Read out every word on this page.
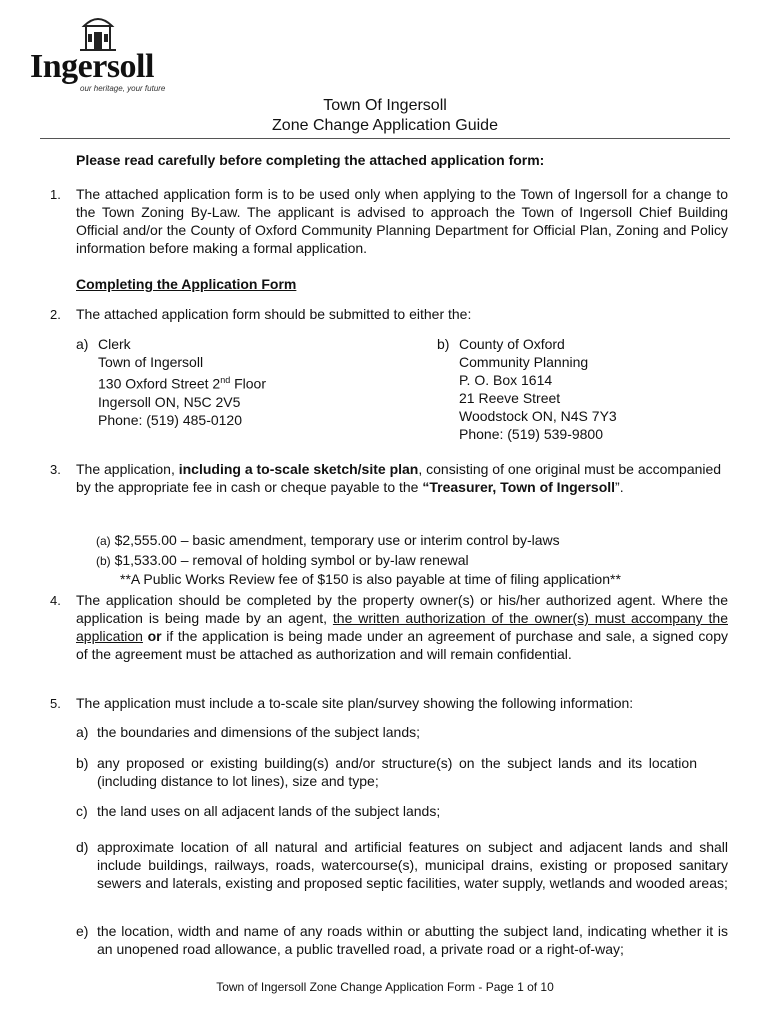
Ingersoll
our heritage, your future
Town Of Ingersoll
Zone Change Application Guide
Please read carefully before completing the attached application form:
1. The attached application form is to be used only when applying to the Town of Ingersoll for a change to the Town Zoning By-Law. The applicant is advised to approach the Town of Ingersoll Chief Building Official and/or the County of Oxford Community Planning Department for Official Plan, Zoning and Policy information before making a formal application.
Completing the Application Form
2. The attached application form should be submitted to either the:
a) Clerk
Town of Ingersoll
130 Oxford Street 2nd Floor
Ingersoll ON, N5C 2V5
Phone: (519) 485-0120
b) County of Oxford
Community Planning
P. O. Box 1614
21 Reeve Street
Woodstock ON, N4S 7Y3
Phone: (519) 539-9800
3. The application, including a to-scale sketch/site plan, consisting of one original must be accompanied by the appropriate fee in cash or cheque payable to the “Treasurer, Town of Ingersoll”.
(a) $2,555.00 – basic amendment, temporary use or interim control by-laws
(b) $1,533.00 – removal of holding symbol or by-law renewal
**A Public Works Review fee of $150 is also payable at time of filing application**
4. The application should be completed by the property owner(s) or his/her authorized agent. Where the application is being made by an agent, the written authorization of the owner(s) must accompany the application or if the application is being made under an agreement of purchase and sale, a signed copy of the agreement must be attached as authorization and will remain confidential.
5. The application must include a to-scale site plan/survey showing the following information:
a) the boundaries and dimensions of the subject lands;
b) any proposed or existing building(s) and/or structure(s) on the subject lands and its location (including distance to lot lines), size and type;
c) the land uses on all adjacent lands of the subject lands;
d) approximate location of all natural and artificial features on subject and adjacent lands and shall include buildings, railways, roads, watercourse(s), municipal drains, existing or proposed sanitary sewers and laterals, existing and proposed septic facilities, water supply, wetlands and wooded areas;
e) the location, width and name of any roads within or abutting the subject land, indicating whether it is an unopened road allowance, a public travelled road, a private road or a right-of-way;
Town of Ingersoll Zone Change Application Form - Page 1 of 10
